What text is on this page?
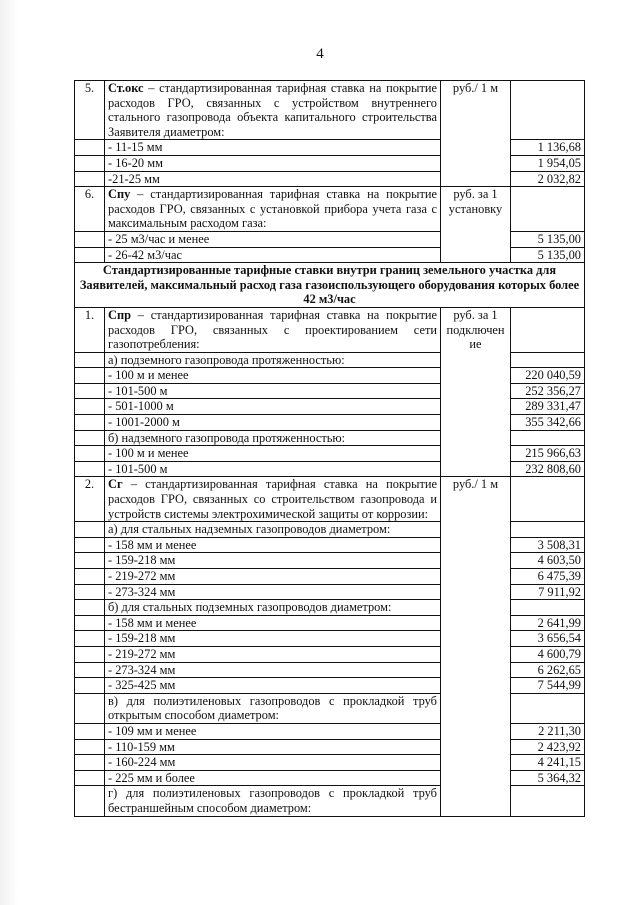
4
5.	Ст.окс – стандартизированная тарифная ставка на покрытие расходов ГРО, связанных с устройством внутреннего стального газопровода объекта капитального строительства Заявителя диаметром:	руб./ 1 м	
	- 11-15 мм		1 136,68
	- 16-20 мм		1 954,05
	-21-25 мм		2 032,82
6.	Спу – стандартизированная тарифная ставка на покрытие расходов ГРО, связанных с установкой прибора учета газа с максимальным расходом газа:	руб. за 1 установку	
	- 25 м3/час и менее		5 135,00
	- 26-42 м3/час		5 135,00
Стандартизированные тарифные ставки внутри границ земельного участка для Заявителей, максимальный расход газа газоиспользующего оборудования которых более 42 м3/час			
1.	Спр – стандартизированная тарифная ставка на покрытие расходов ГРО, связанных с проектированием сети газопотребления:	руб. за 1 подключен ие	
	а) подземного газопровода протяженностью:		
	- 100 м и менее		220 040,59
	- 101-500 м		252 356,27
	- 501-1000 м		289 331,47
	- 1001-2000 м		355 342,66
	б) надземного газопровода протяженностью:		
	- 100 м и менее		215 966,63
	- 101-500 м		232 808,60
2.	Сг – стандартизированная тарифная ставка на покрытие расходов ГРО, связанных со строительством газопровода и устройств системы электрохимической защиты от коррозии:	руб./ 1 м	
	а) для стальных надземных газопроводов диаметром:		
	- 158 мм и менее		3 508,31
	- 159-218 мм		4 603,50
	- 219-272 мм		6 475,39
	- 273-324 мм		7 911,92
	б) для стальных подземных газопроводов диаметром:		
	- 158 мм и менее		2 641,99
	- 159-218 мм		3 656,54
	- 219-272 мм		4 600,79
	- 273-324 мм		6 262,65
	- 325-425 мм		7 544,99
	в) для полиэтиленовых газопроводов с прокладкой труб открытым способом диаметром:		
	- 109 мм и менее		2 211,30
	- 110-159 мм		2 423,92
	- 160-224 мм		4 241,15
	- 225 мм и более		5 364,32
	г) для полиэтиленовых газопроводов с прокладкой труб бестраншейным способом диаметром:		
